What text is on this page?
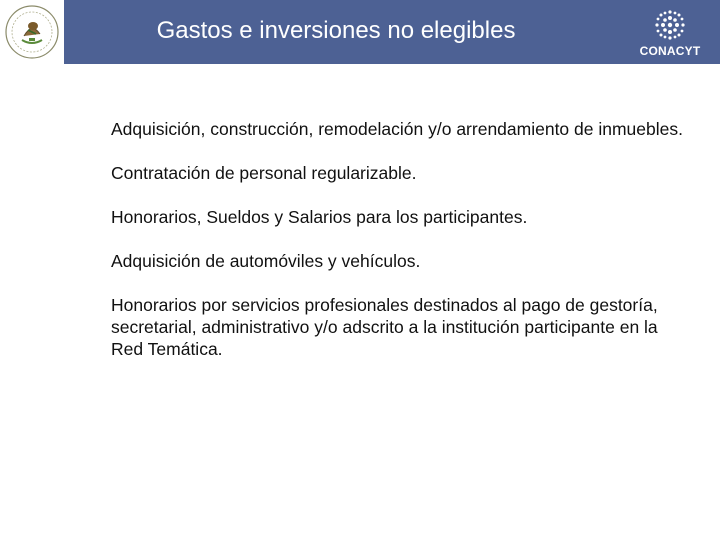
Gastos e inversiones no elegibles
CONACYT
Adquisición, construcción, remodelación y/o arrendamiento de inmuebles.
Contratación de personal regularizable.
Honorarios, Sueldos y Salarios para los participantes.
Adquisición de automóviles y vehículos.
Honorarios por servicios profesionales destinados al pago de gestoría, secretarial, administrativo y/o adscrito a la institución participante en la Red Temática.
